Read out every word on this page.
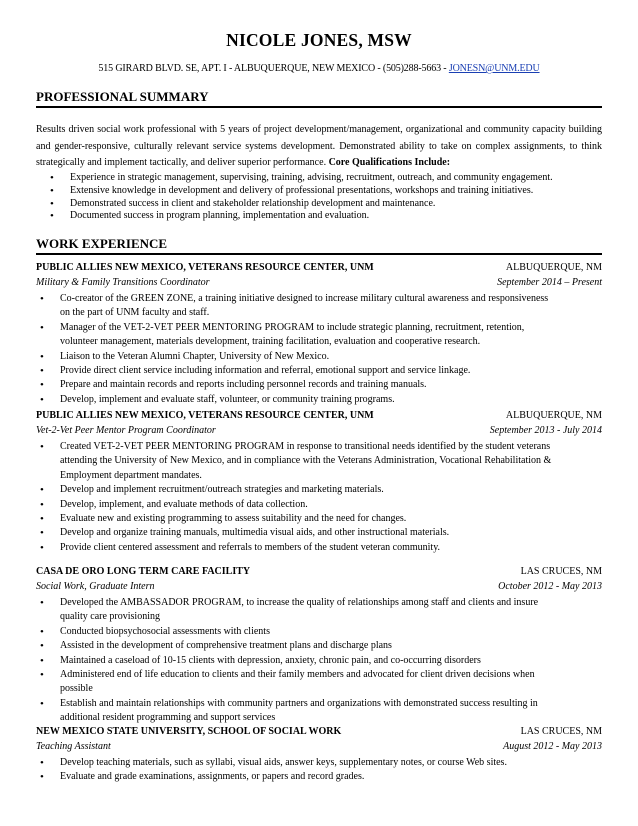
NICOLE JONES, MSW
515 GIRARD BLVD. SE, APT. I - ALBUQUERQUE, NEW MEXICO - (505)288-5663 - JONESN@UNM.EDU
PROFESSIONAL SUMMARY
Results driven social work professional with 5 years of project development/management, organizational and community capacity building and gender-responsive, culturally relevant service systems development. Demonstrated ability to take on complex assignments, to think strategically and implement tactically, and deliver superior performance. Core Qualifications Include:
• Experience in strategic management, supervising, training, advising, recruitment, outreach, and community engagement.
• Extensive knowledge in development and delivery of professional presentations, workshops and training initiatives.
• Demonstrated success in client and stakeholder relationship development and maintenance.
• Documented success in program planning, implementation and evaluation.
WORK EXPERIENCE
PUBLIC ALLIES NEW MEXICO, VETERANS RESOURCE CENTER, UNM	ALBUQUERQUE, NM
Military & Family Transitions Coordinator	September 2014 – Present
• Co-creator of the GREEN ZONE, a training initiative designed to increase military cultural awareness and responsiveness
on the part of UNM faculty and staff.
• Manager of the VET-2-VET PEER MENTORING PROGRAM to include strategic planning, recruitment, retention,
volunteer management, materials development, training facilitation, evaluation and cooperative research.
• Liaison to the Veteran Alumni Chapter, University of New Mexico.
• Provide direct client service including information and referral, emotional support and service linkage.
• Prepare and maintain records and reports including personnel records and training manuals.
• Develop, implement and evaluate staff, volunteer, or community training programs.
PUBLIC ALLIES NEW MEXICO, VETERANS RESOURCE CENTER, UNM	ALBUQUERQUE, NM
Vet-2-Vet Peer Mentor Program Coordinator	September 2013 - July 2014
• Created VET-2-VET PEER MENTORING PROGRAM in response to transitional needs identified by the student veterans
attending the University of New Mexico, and in compliance with the Veterans Administration, Vocational Rehabilitation &
Employment department mandates.
• Develop and implement recruitment/outreach strategies and marketing materials.
• Develop, implement, and evaluate methods of data collection.
• Evaluate new and existing programming to assess suitability and the need for changes.
• Develop and organize training manuals, multimedia visual aids, and other instructional materials.
• Provide client centered assessment and referrals to members of the student veteran community.
CASA DE ORO LONG TERM CARE FACILITY	LAS CRUCES, NM
Social Work, Graduate Intern	October 2012 - May 2013
• Developed the AMBASSADOR PROGRAM, to increase the quality of relationships among staff and clients and insure
quality care provisioning
• Conducted biopsychosocial assessments with clients
• Assisted in the development of comprehensive treatment plans and discharge plans
• Maintained a caseload of 10-15 clients with depression, anxiety, chronic pain, and co-occurring disorders
• Administered end of life education to clients and their family members and advocated for client driven decisions when
possible
• Establish and maintain relationships with community partners and organizations with demonstrated success resulting in
additional resident programming and support services
NEW MEXICO STATE UNIVERSITY, SCHOOL OF SOCIAL WORK	LAS CRUCES, NM
Teaching Assistant	August 2012 - May 2013
• Develop teaching materials, such as syllabi, visual aids, answer keys, supplementary notes, or course Web sites.
• Evaluate and grade examinations, assignments, or papers and record grades.
